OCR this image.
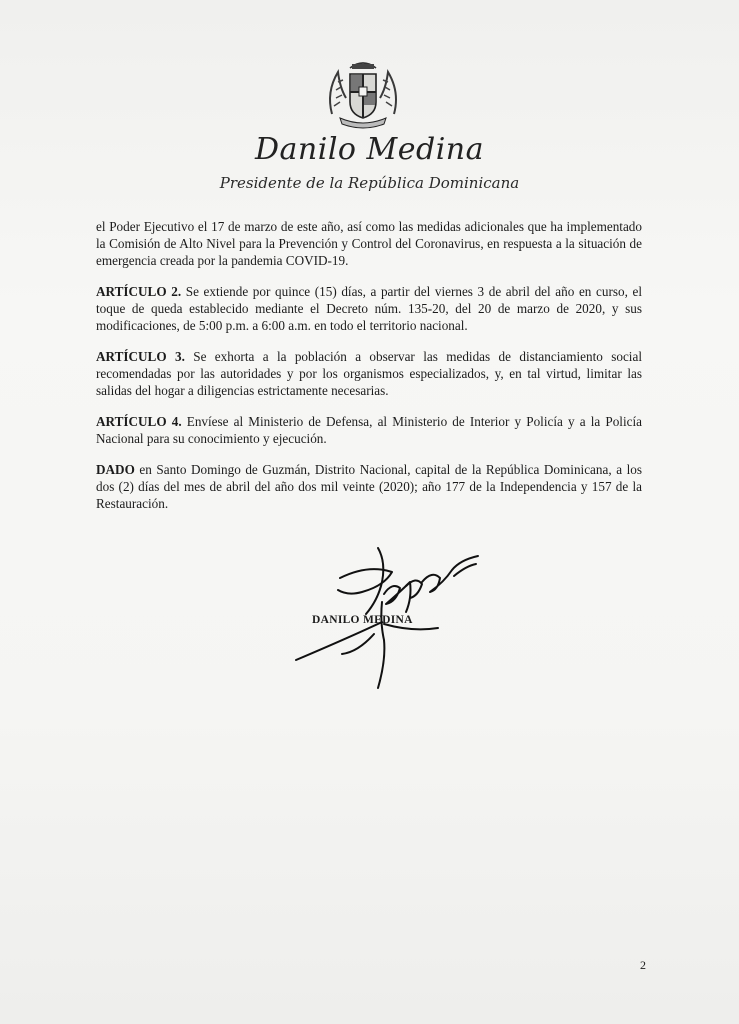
Danilo Medina
Presidente de la República Dominicana

el Poder Ejecutivo el 17 de marzo de este año, así como las medidas adicionales que ha implementado la Comisión de Alto Nivel para la Prevención y Control del Coronavirus, en respuesta a la situación de emergencia creada por la pandemia COVID-19.

ARTÍCULO 2. Se extiende por quince (15) días, a partir del viernes 3 de abril del año en curso, el toque de queda establecido mediante el Decreto núm. 135-20, del 20 de marzo de 2020, y sus modificaciones, de 5:00 p.m. a 6:00 a.m. en todo el territorio nacional.

ARTÍCULO 3. Se exhorta a la población a observar las medidas de distanciamiento social recomendadas por las autoridades y por los organismos especializados, y, en tal virtud, limitar las salidas del hogar a diligencias estrictamente necesarias.

ARTÍCULO 4. Envíese al Ministerio de Defensa, al Ministerio de Interior y Policía y a la Policía Nacional para su conocimiento y ejecución.

DADO en Santo Domingo de Guzmán, Distrito Nacional, capital de la República Dominicana, a los dos (2) días del mes de abril del año dos mil veinte (2020); año 177 de la Independencia y 157 de la Restauración.

DANILO MEDINA
2
